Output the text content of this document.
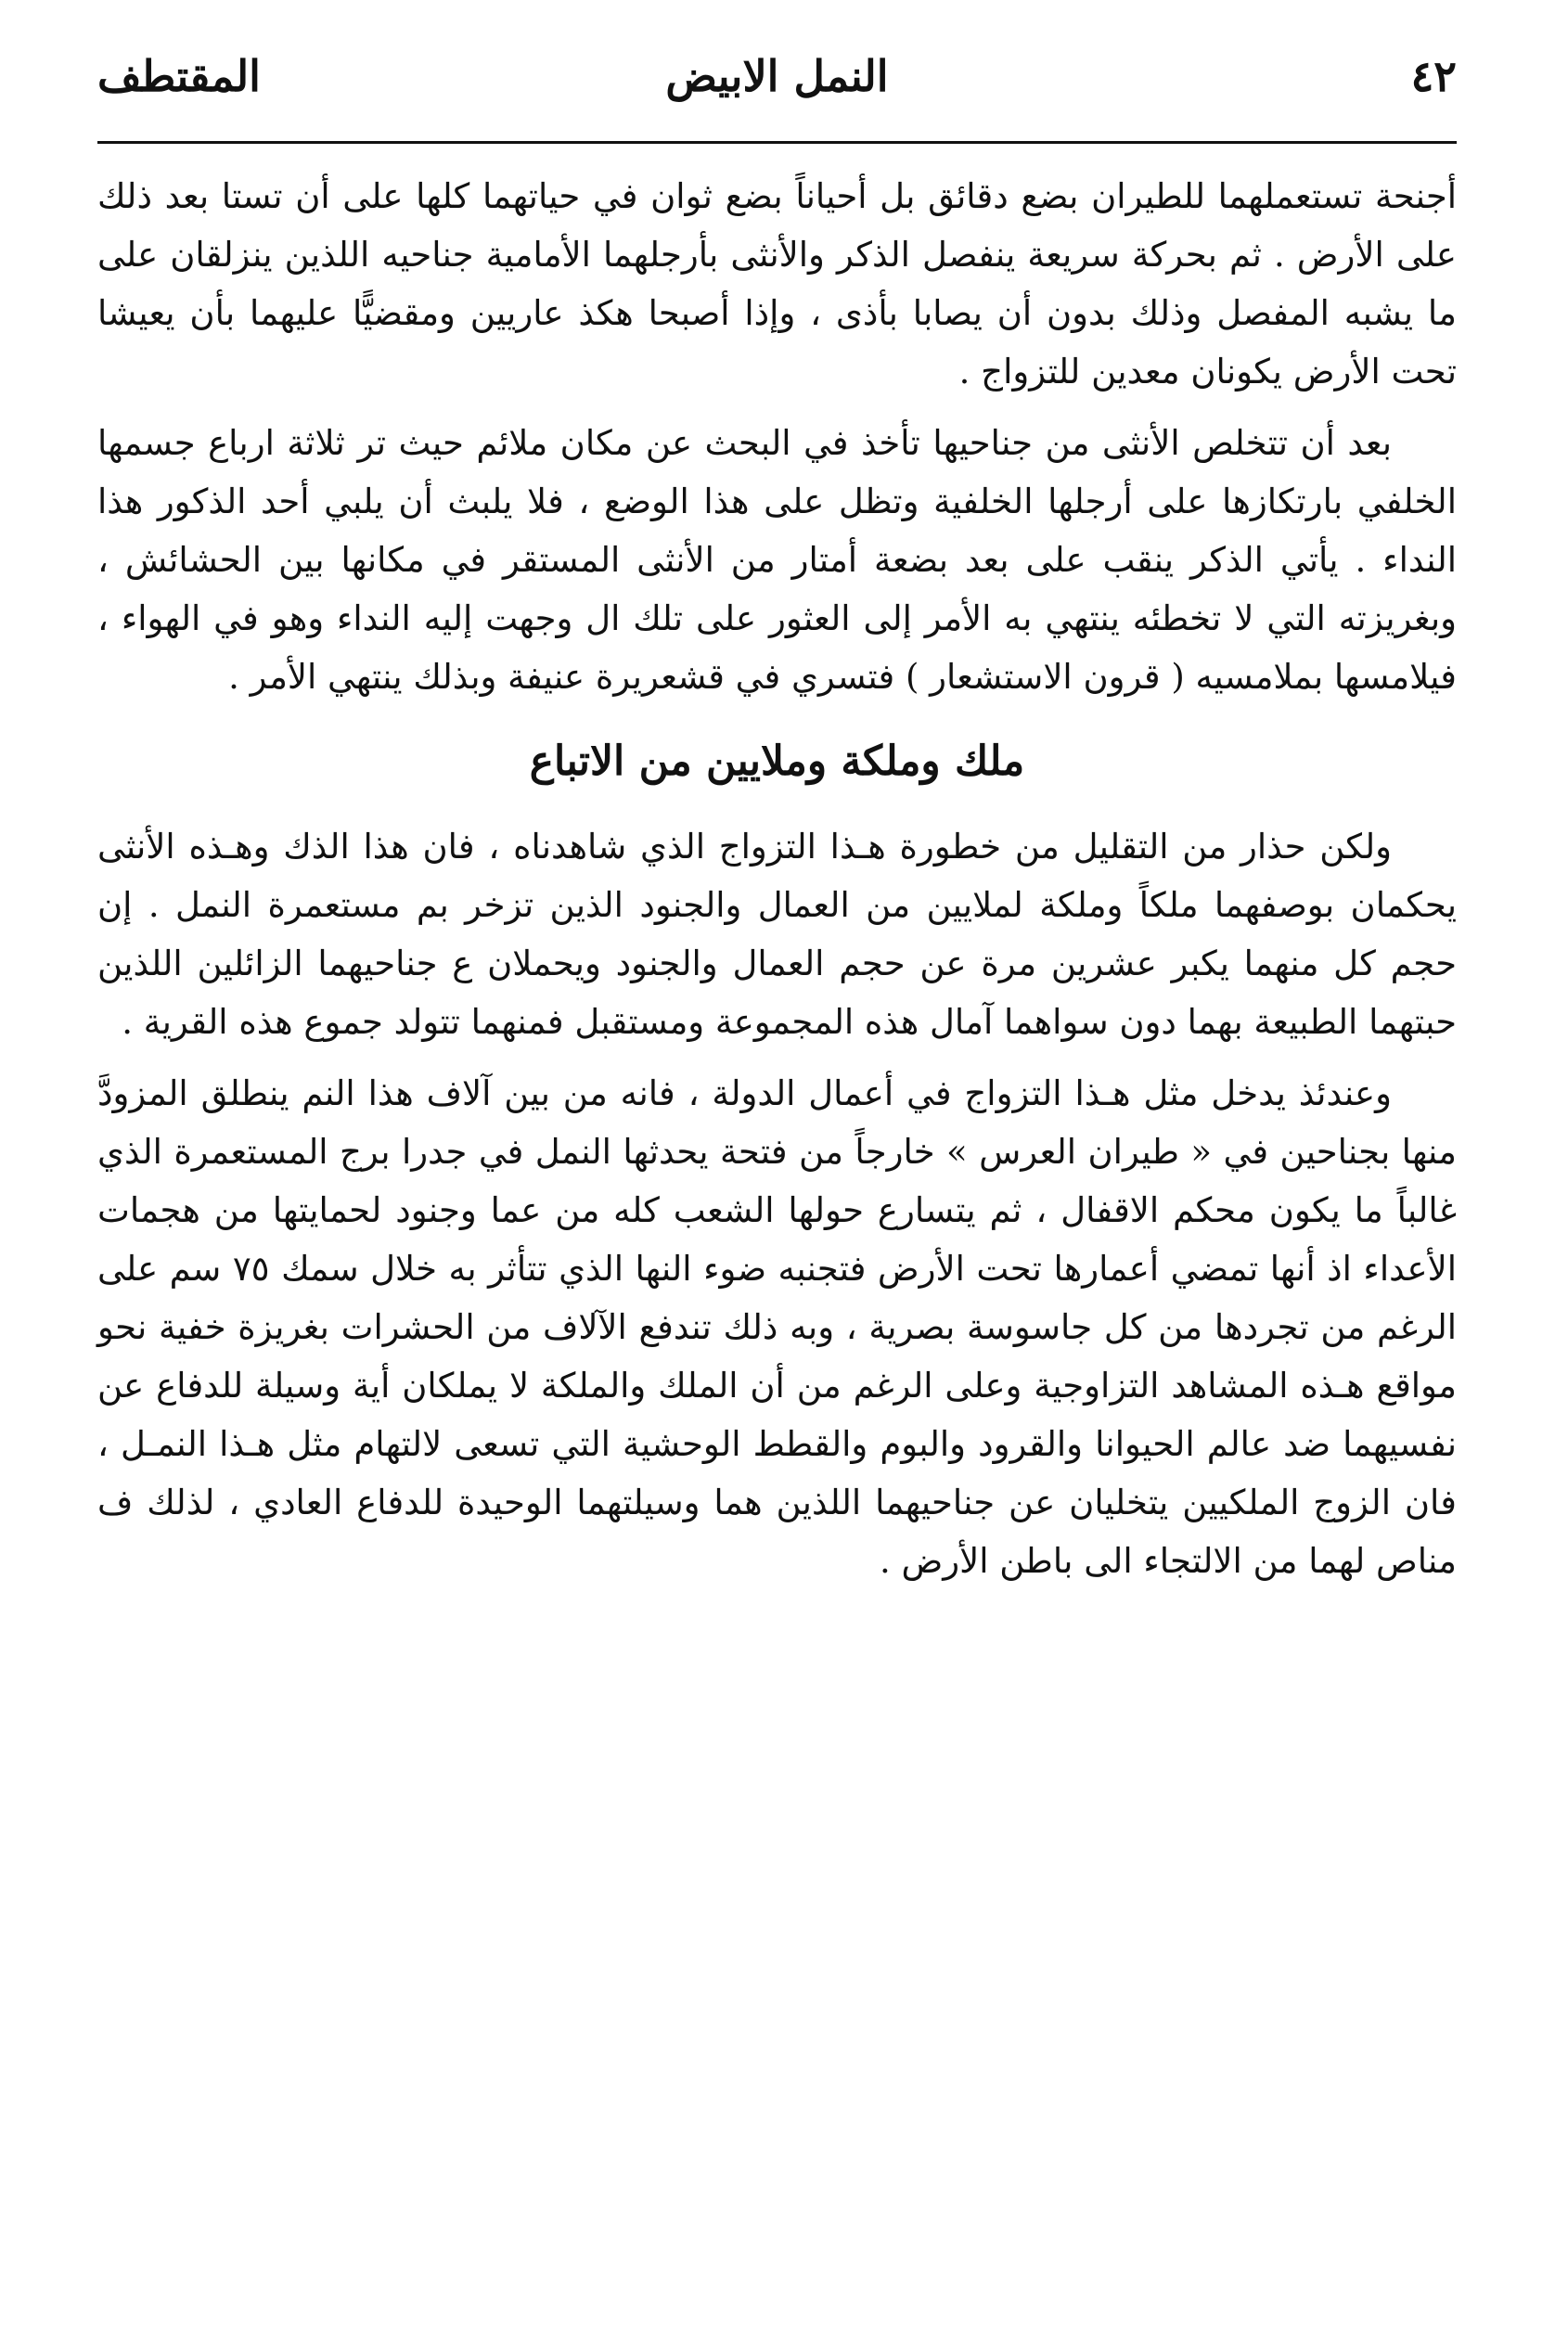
المقتطف	النمل الابيض	٤٢

أجنحة تستعملهما للطيران بضع دقائق بل أحياناً بضع ثوان في حياتهما كلها على أن تستا بعد ذلك على الأرض . ثم بحركة سريعة ينفصل الذكر والأنثى بأرجلهما الأمامية جناحيه اللذين ينزلقان على ما يشبه المفصل وذلك بدون أن يصابا بأذى ، وإذا أصبحا هكذ عاريين ومقضيًّا عليهما بأن يعيشا تحت الأرض يكونان معدين للتزواج .

بعد أن تتخلص الأنثى من جناحيها تأخذ في البحث عن مكان ملائم حيث تر ثلاثة ارباع جسمها الخلفي بارتكازها على أرجلها الخلفية وتظل على هذا الوضع ، فلا يلبث أن يلبي أحد الذكور هذا النداء . يأتي الذكر ينقب على بعد بضعة أمتار من الأنثى المستقر في مكانها بين الحشائش ، وبغريزته التي لا تخطئه ينتهي به الأمر إلى العثور على تلك ال وجهت إليه النداء وهو في الهواء ، فيلامسها بملامسيه ( قرون الاستشعار ) فتسري في قشعريرة عنيفة وبذلك ينتهي الأمر .

ملك وملكة وملايين من الاتباع

ولكن حذار من التقليل من خطورة هـذا التزواج الذي شاهدناه ، فان هذا الذك وهـذه الأنثى يحكمان بوصفهما ملكاً وملكة لملايين من العمال والجنود الذين تزخر بم مستعمرة النمل . إن حجم كل منهما يكبر عشرين مرة عن حجم العمال والجنود ويحملان ع جناحيهما الزائلين اللذين حبتهما الطبيعة بهما دون سواهما آمال هذه المجموعة ومستقبل فمنهما تتولد جموع هذه القرية .

وعندئذ يدخل مثل هـذا التزواج في أعمال الدولة ، فانه من بين آلاف هذا النم ينطلق المزودَّ منها بجناحين في « طيران العرس » خارجاً من فتحة يحدثها النمل في جدرا برج المستعمرة الذي غالباً ما يكون محكم الاقفال ، ثم يتسارع حولها الشعب كله من عما وجنود لحمايتها من هجمات الأعداء اذ أنها تمضي أعمارها تحت الأرض فتجنبه ضوء النها الذي تتأثر به خلال سمك ٧٥ سم على الرغم من تجردها من كل جاسوسة بصرية ، وبه ذلك تندفع الآلاف من الحشرات بغريزة خفية نحو مواقع هـذه المشاهد التزاوجية وعلى الرغم من أن الملك والملكة لا يملكان أية وسيلة للدفاع عن نفسيهما ضد عالم الحيوانا والقرود والبوم والقطط الوحشية التي تسعى لالتهام مثل هـذا النمـل ، فان الزوج الملكيين يتخليان عن جناحيهما اللذين هما وسيلتهما الوحيدة للدفاع العادي ، لذلك ف مناص لهما من الالتجاء الى باطن الأرض .
